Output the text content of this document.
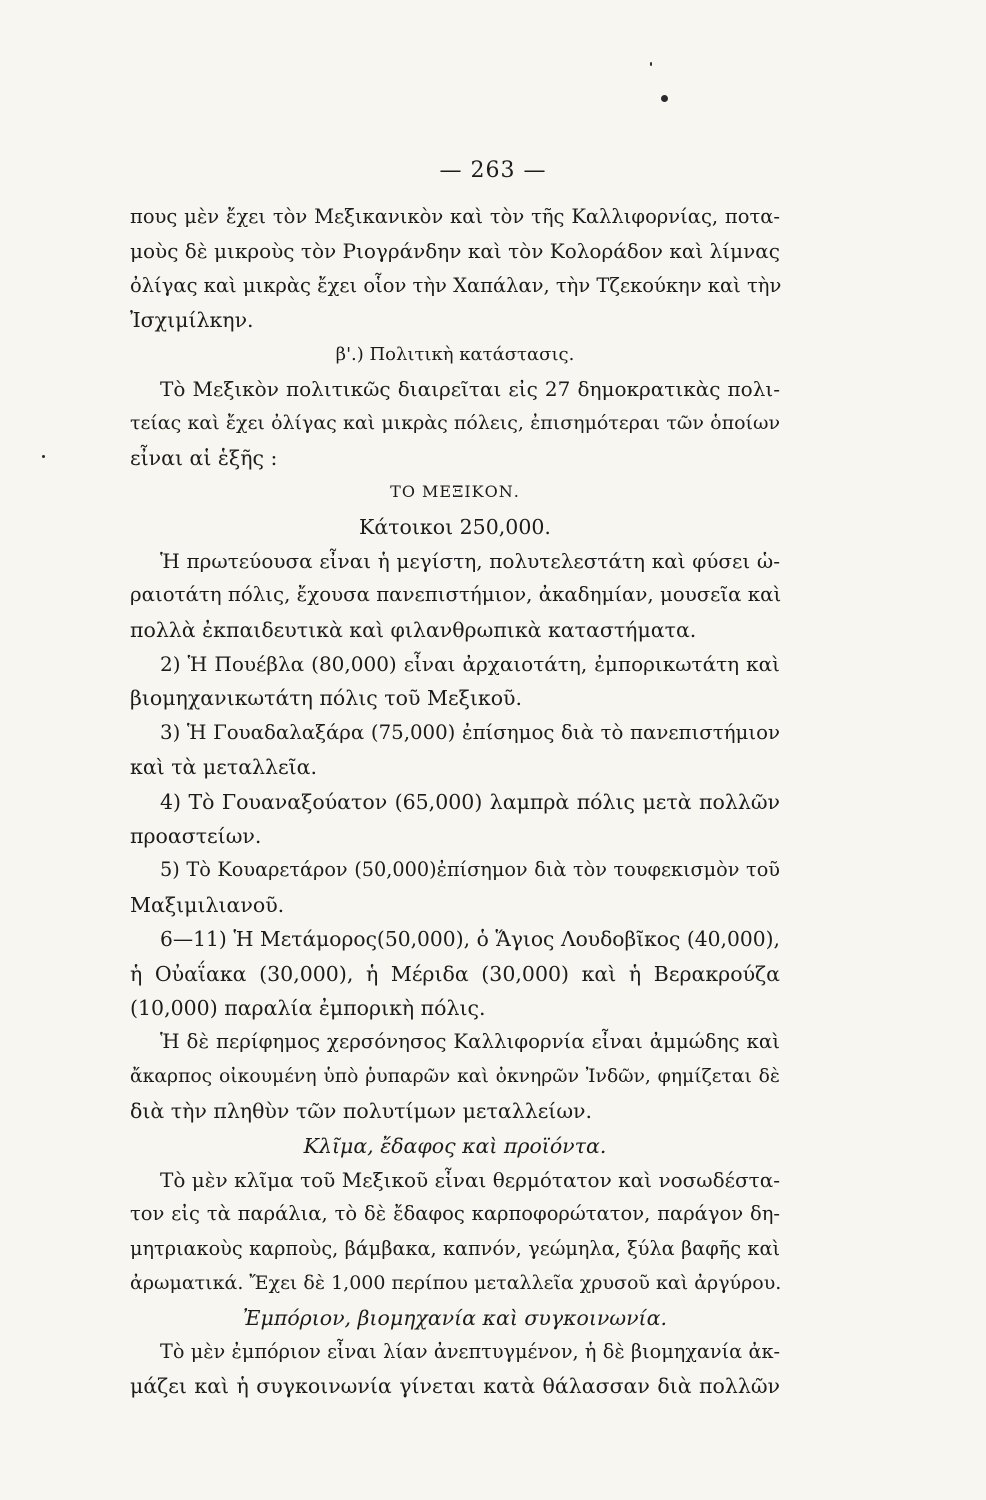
— 263 —
πους μὲν ἔχει τὸν Μεξικανικὸν καὶ τὸν τῆς Καλλιφορνίας, ποτα-
μοὺς δὲ μικροὺς τὸν Ριογράνδην καὶ τὸν Κολοράδον καὶ λίμνας
ὀλίγας καὶ μικρὰς ἔχει οἷον τὴν Χαπάλαν, τὴν Τζεκούκην καὶ τὴν
Ἰσχιμίλκην.
β'.) Πολιτικὴ κατάστασις.
Τὸ Μεξικὸν πολιτικῶς διαιρεῖται εἰς 27 δημοκρατικὰς πολι-
τείας καὶ ἔχει ὀλίγας καὶ μικρὰς πόλεις, ἐπισημότεραι τῶν ὁποίων
εἶναι αἱ ἑξῆς :
ΤΟ ΜΕΞΙΚΟΝ.
Κάτοικοι 250,000.
Ἡ πρωτεύουσα εἶναι ἡ μεγίστη, πολυτελεστάτη καὶ φύσει ὡ-
ραιοτάτη πόλις, ἔχουσα πανεπιστήμιον, ἀκαδημίαν, μουσεῖα καὶ
πολλὰ ἐκπαιδευτικὰ καὶ φιλανθρωπικὰ καταστήματα.
2) Ἡ Πουέβλα (80,000) εἶναι ἀρχαιοτάτη, ἐμπορικωτάτη καὶ
βιομηχανικωτάτη πόλις τοῦ Μεξικοῦ.
3) Ἡ Γουαδαλαξάρα (75,000) ἐπίσημος διὰ τὸ πανεπιστήμιον
καὶ τὰ μεταλλεῖα.
4) Τὸ Γουαναξούατον (65,000) λαμπρὰ πόλις μετὰ πολλῶν
προαστείων.
5) Τὸ Κουαρετάρον (50,000)ἐπίσημον διὰ τὸν τουφεκισμὸν τοῦ
Μαξιμιλιανοῦ.
6—11) Ἡ Μετάμορος(50,000), ὁ Ἅγιος Λουδοβῖκος (40,000),
ἡ Οὐαΐακα (30,000), ἡ Μέριδα (30,000) καὶ ἡ Βερακρούζα
(10,000) παραλία ἐμπορικὴ πόλις.
Ἡ δὲ περίφημος χερσόνησος Καλλιφορνία εἶναι ἀμμώδης καὶ
ἄκαρπος οἰκουμένη ὑπὸ ῥυπαρῶν καὶ ὀκνηρῶν Ἰνδῶν, φημίζεται δὲ
διὰ τὴν πληθὺν τῶν πολυτίμων μεταλλείων.
Κλῖμα, ἔδαφος καὶ προϊόντα.
Τὸ μὲν κλῖμα τοῦ Μεξικοῦ εἶναι θερμότατον καὶ νοσωδέστα-
τον εἰς τὰ παράλια, τὸ δὲ ἔδαφος καρποφορώτατον, παράγον δη-
μητριακοὺς καρποὺς, βάμβακα, καπνόν, γεώμηλα, ξύλα βαφῆς καὶ
ἀρωματικά. Ἔχει δὲ 1,000 περίπου μεταλλεῖα χρυσοῦ καὶ ἀργύρου.
Ἐμπόριον, βιομηχανία καὶ συγκοινωνία.
Τὸ μὲν ἐμπόριον εἶναι λίαν ἀνεπτυγμένον, ἡ δὲ βιομηχανία ἀκ-
μάζει καὶ ἡ συγκοινωνία γίνεται κατὰ θάλασσαν διὰ πολλῶν
